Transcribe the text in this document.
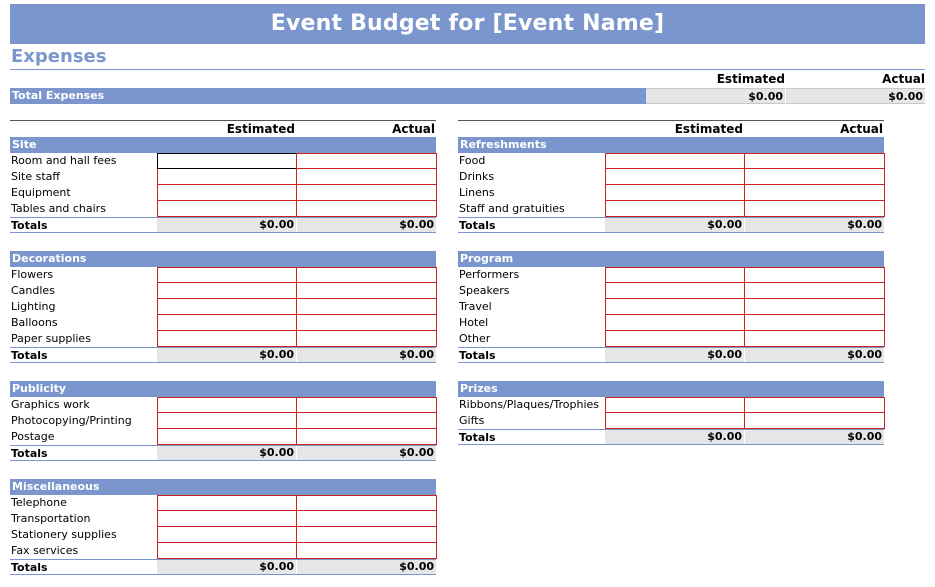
Event Budget for [Event Name]
Expenses
Estimated	Actual
Total Expenses	$0.00	$0.00
Estimated	Actual
Site
Room and hall fees
Site staff
Equipment
Tables and chairs
Totals	$0.00	$0.00
Decorations
Flowers
Candles
Lighting
Balloons
Paper supplies
Totals	$0.00	$0.00
Publicity
Graphics work
Photocopying/Printing
Postage
Totals	$0.00	$0.00
Miscellaneous
Telephone
Transportation
Stationery supplies
Fax services
Totals	$0.00	$0.00
Estimated	Actual
Refreshments
Food
Drinks
Linens
Staff and gratuities
Totals	$0.00	$0.00
Program
Performers
Speakers
Travel
Hotel
Other
Totals	$0.00	$0.00
Prizes
Ribbons/Plaques/Trophies
Gifts
Totals	$0.00	$0.00
